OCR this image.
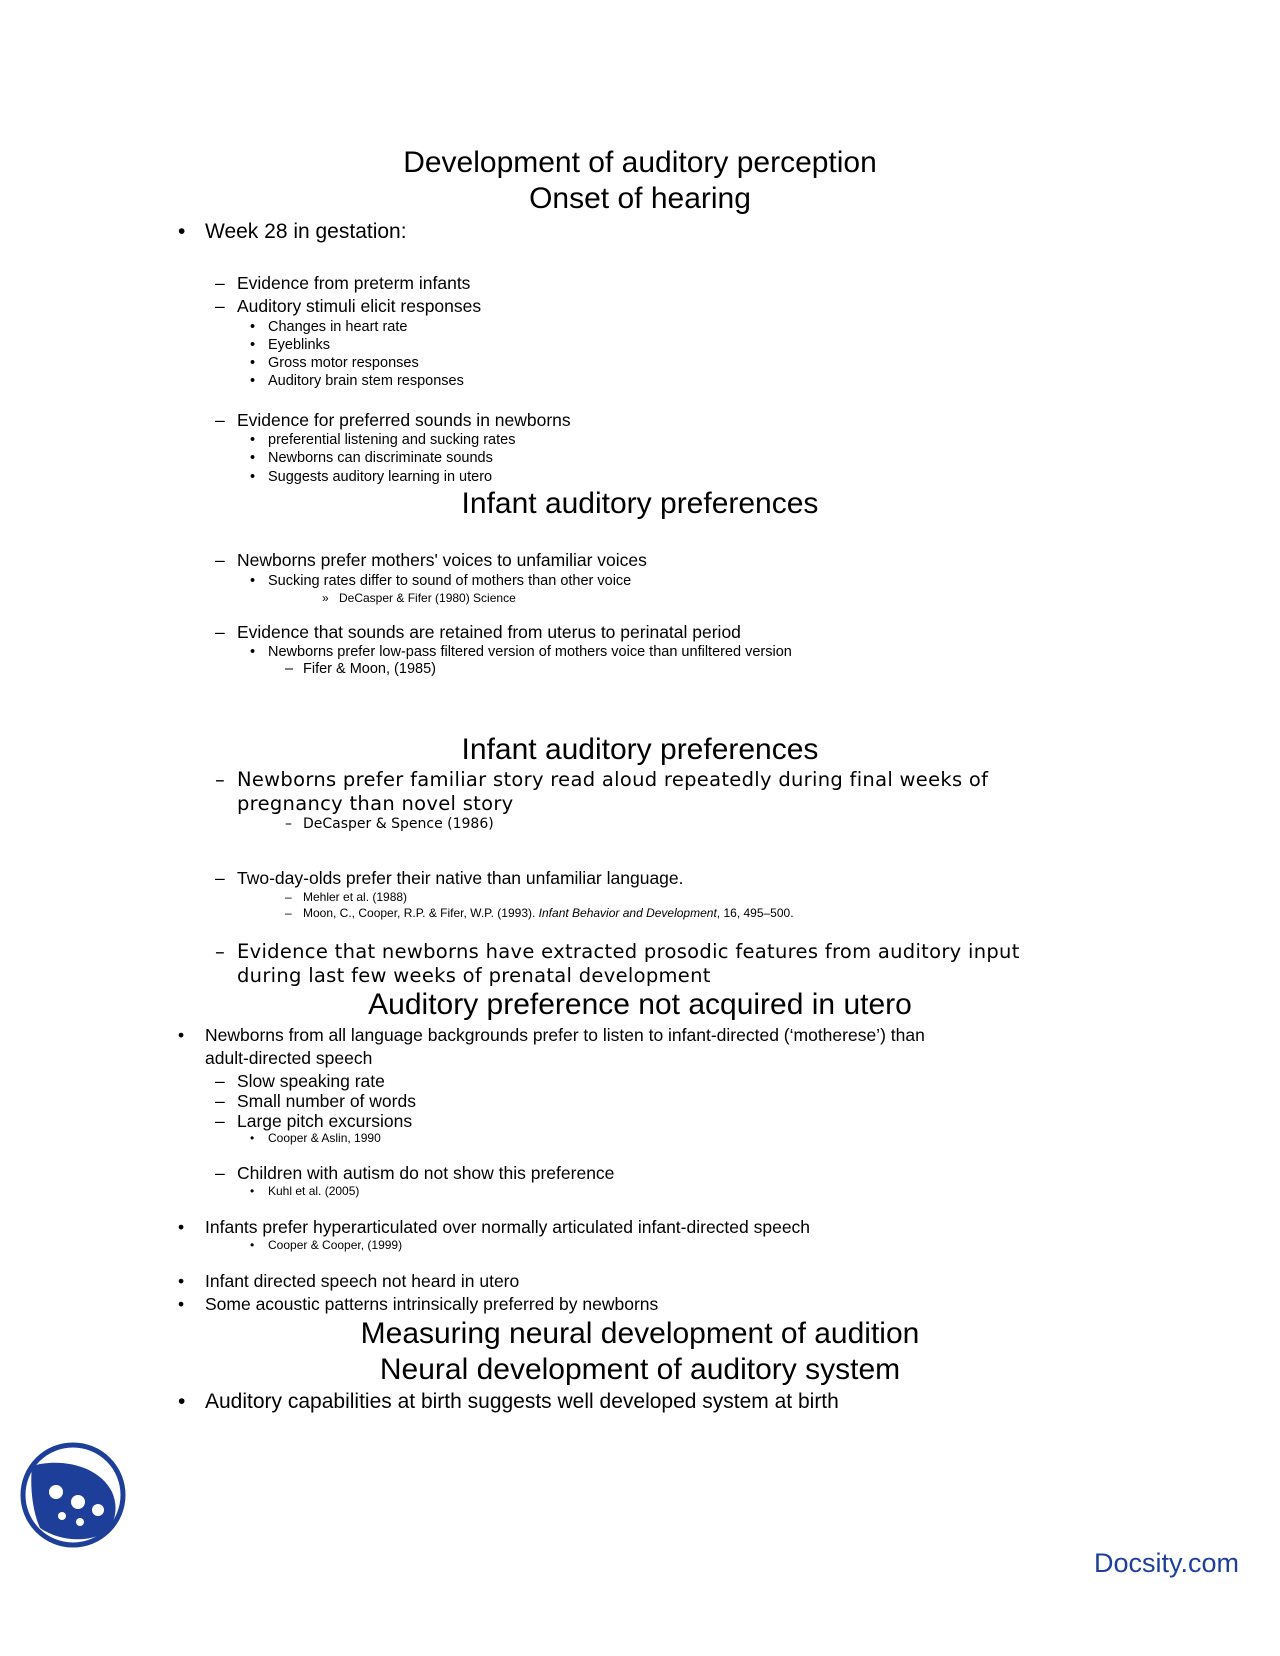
Development of auditory perception
Onset of hearing
• Week 28 in gestation:
– Evidence from preterm infants
– Auditory stimuli elicit responses
• Changes in heart rate
• Eyeblinks
• Gross motor responses
• Auditory brain stem responses
– Evidence for preferred sounds in newborns
• preferential listening and sucking rates
• Newborns can discriminate sounds
• Suggests auditory learning in utero
Infant auditory preferences
– Newborns prefer mothers' voices to unfamiliar voices
• Sucking rates differ to sound of mothers than other voice
» DeCasper & Fifer (1980) Science
– Evidence that sounds are retained from uterus to perinatal period
• Newborns prefer low-pass filtered version of mothers voice than unfiltered version
– Fifer & Moon, (1985)
Infant auditory preferences
– Newborns prefer familiar story read aloud repeatedly during final weeks of
pregnancy than novel story
– DeCasper & Spence (1986)
– Two-day-olds prefer their native than unfamiliar language.
– Mehler et al. (1988)
– Moon, C., Cooper, R.P. & Fifer, W.P. (1993). Infant Behavior and Development, 16, 495–500.
– Evidence that newborns have extracted prosodic features from auditory input
during last few weeks of prenatal development
Auditory preference not acquired in utero
• Newborns from all language backgrounds prefer to listen to infant-directed (‘motherese’) than
adult-directed speech
– Slow speaking rate
– Small number of words
– Large pitch excursions
• Cooper & Aslin, 1990
– Children with autism do not show this preference
• Kuhl et al. (2005)
• Infants prefer hyperarticulated over normally articulated infant-directed speech
• Cooper & Cooper, (1999)
• Infant directed speech not heard in utero
• Some acoustic patterns intrinsically preferred by newborns
Measuring neural development of audition
Neural development of auditory system
• Auditory capabilities at birth suggests well developed system at birth
Docsity.com
